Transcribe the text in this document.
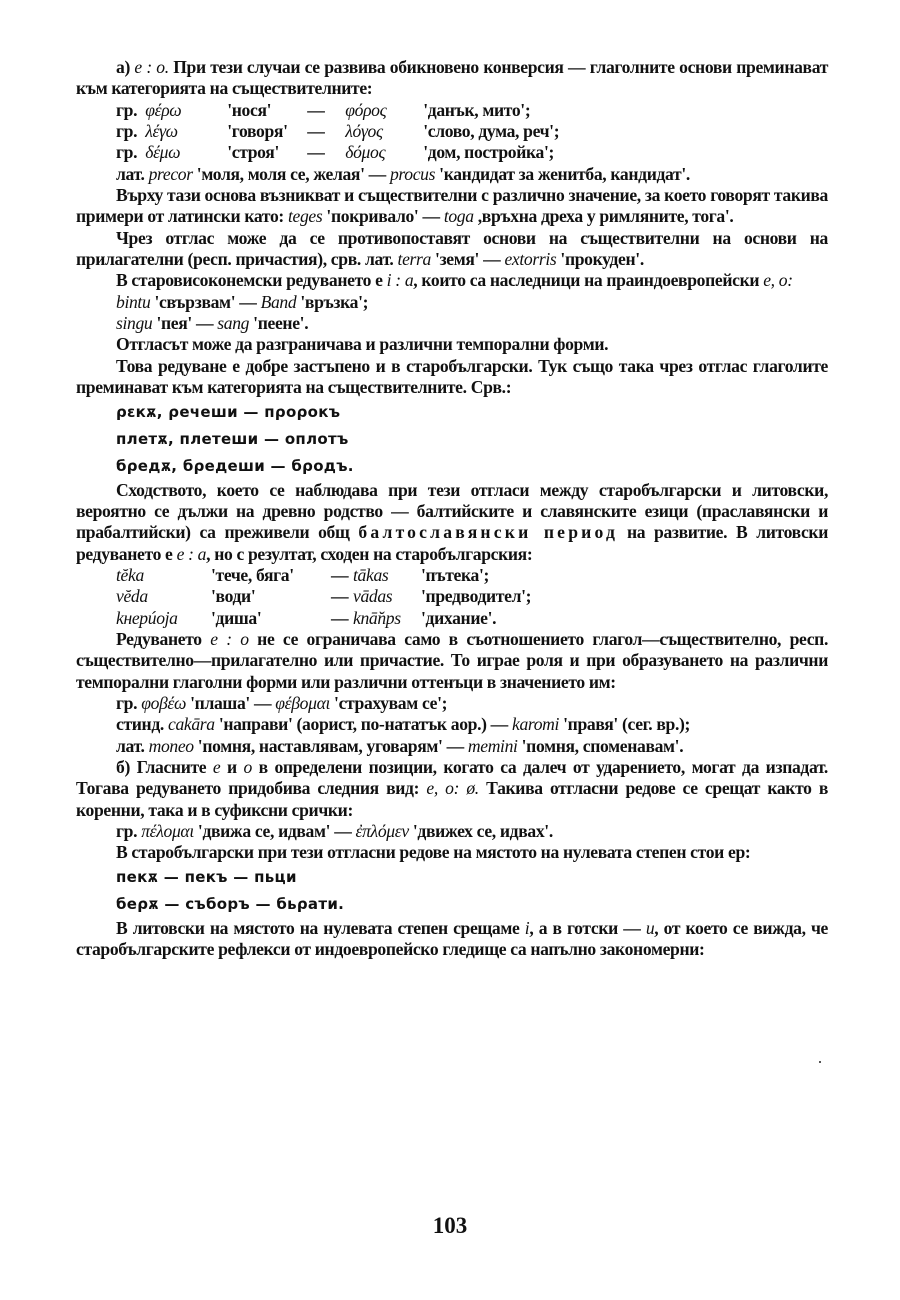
а) e : o. При тези случаи се развива обикновено конверсия — глаголните основи преминават към категорията на съществителните:

гр. φέρω	'нося' — φόρος 'данък, мито';
гр. λέγω	'говоря' — λόγος 'слово, дума, реч';
гр. δέμω	'строя' — δόμος 'дом, постройка';

лат. precor 'моля, моля се, желая' — procus 'кандидат за женитба, кандидат'.

Върху тази основа възникват и съществителни с различно значение, за което говорят такива примери от латински като: teges 'покривало' — toga ,връхна дреха у римляните, тога'.

Чрез отглас може да се противопоставят основи на съществителни на основи на прилагателни (респ. причастия), срв. лат. terra 'земя' — extorris 'прокуден'.

В старовисоконемски редуването е i : a, които са наследници на праиндоевропейски e, o:

bintu 'свързвам' — Band 'връзка';
singu 'пея' — sang 'пеене'.

Отгласът може да разграничава и различни темпорални форми.

Това редуване е добре застъпено и в старобългарски. Тук също така чрез отглас глаголите преминават към категорията на съществителните. Срв.:

ρεкѫ, ρечеши — пρоρокъ
плетѫ, плетеши — оплотъ
бρедѫ, бρедеши — бρодъ.

Сходството, което се наблюдава при тези отгласи между старобългарски и литовски, вероятно се дължи на древно родство — балтийските и славянските езици (праславянски и прабалтийски) са преживели общ балтославянски период на развитие. В литовски редуването е e : a, но с резултат, сходен на старобългарския:

tĕka	'тече, бяга' — tākas 'пътека';
vĕda	'води'	— vādas 'предводител';
kнepúoja 'диша'	— knā̆nps 'дихание'.

Редуването e : o не се ограничава само в съотношението глагол—съществително, респ. съществително—прилагателно или причастие. То играе роля и при образуването на различни темпорални глаголни форми или различни оттенъци в значението им:

гр. φοβέω 'плаша' — φέβομαι 'страхувам се';

стинд. cakāra 'направи' (аорист, по-нататък аор.) — karomi 'правя' (сег. вр.);

лат. moneo 'помня, наставлявам, уговарям' — memini 'помня, споменавам'.

б) Гласните e и o в определени позиции, когато са далеч от ударението, могат да изпадат. Тогава редуването придобива следния вид: e, o: ø. Такива отгласни редове се срещат както в коренни, така и в суфиксни срички:

гр. πέλομαι 'движа се, идвам' — ἐπλόμεν 'движех се, идвах'.

В старобългарски при тези отгласни редове на мястото на нулевата степен стои ер:

пекѫ — пекъ — пьци
беρѫ — съборъ — бьρати.

В литовски на мястото на нулевата степен срещаме i, а в готски — u, от което се вижда, че старобългарските рефлекси от индоевропейско гледище са напълно закономерни:

103
